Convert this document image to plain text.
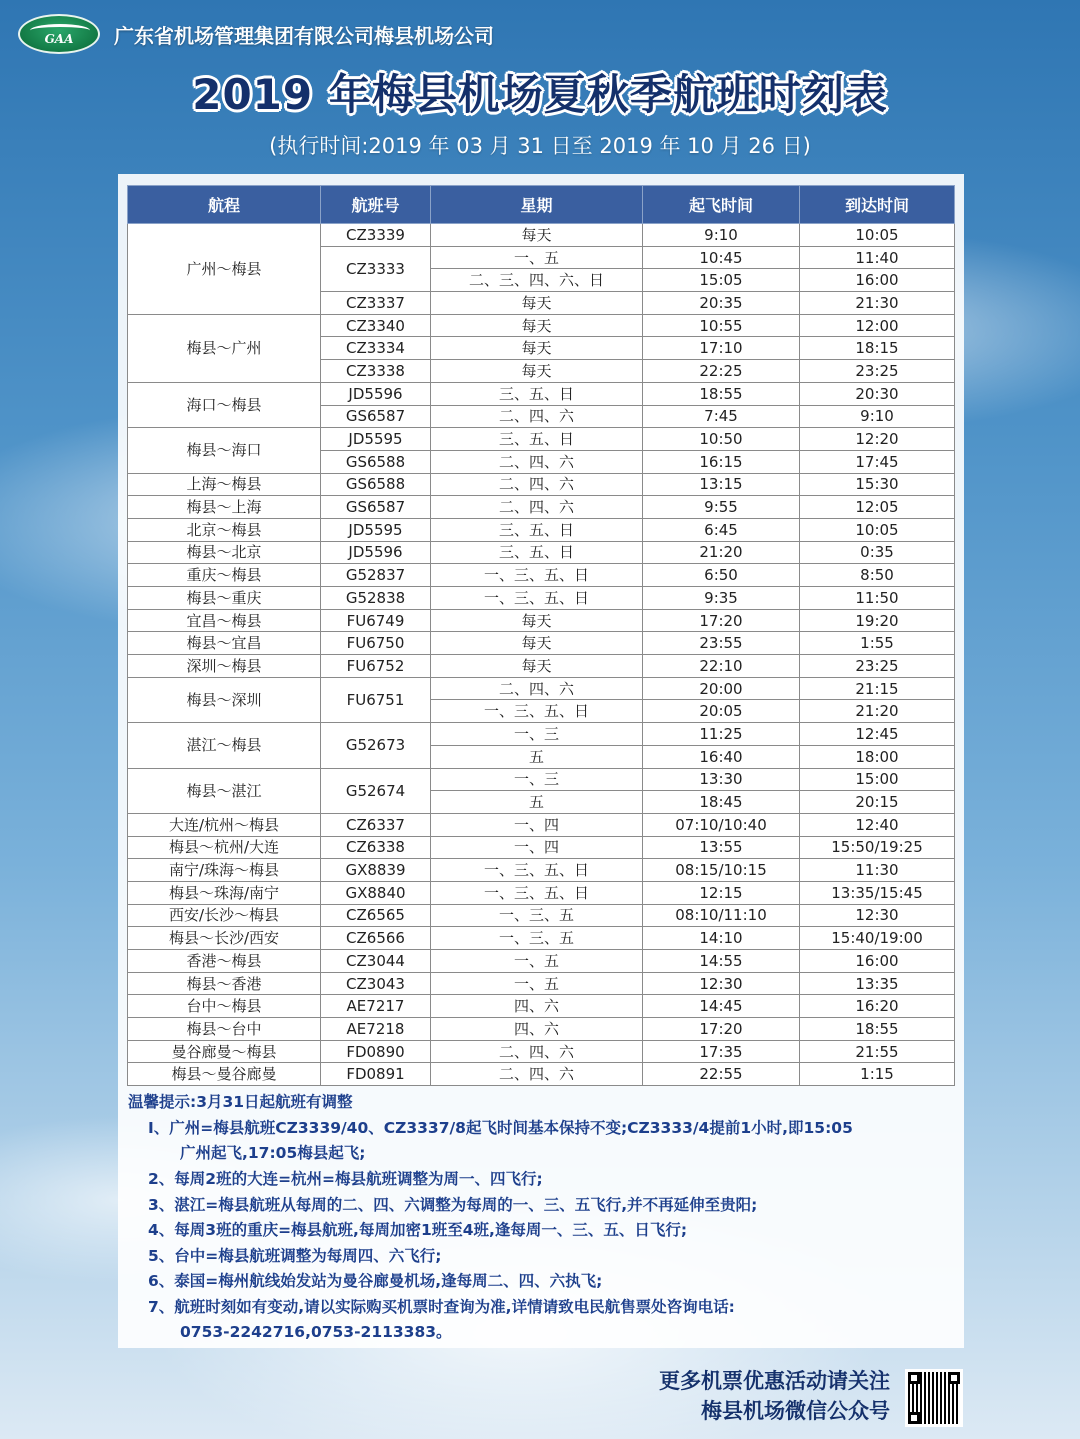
GAA 广东省机场管理集团有限公司梅县机场公司
2019 年梅县机场夏秋季航班时刻表
(执行时间:2019 年 03 月 31 日至 2019 年 10 月 26 日)
航程	航班号	星期	起飞时间	到达时间
广州～梅县	CZ3339	每天	9:10	10:05
	CZ3333	一、五	10:45	11:40
		二、三、四、六、日	15:05	16:00
	CZ3337	每天	20:35	21:30
梅县～广州	CZ3340	每天	10:55	12:00
	CZ3334	每天	17:10	18:15
	CZ3338	每天	22:25	23:25
海口～梅县	JD5596	三、五、日	18:55	20:30
	GS6587	二、四、六	7:45	9:10
梅县～海口	JD5595	三、五、日	10:50	12:20
	GS6588	二、四、六	16:15	17:45
上海～梅县	GS6588	二、四、六	13:15	15:30
梅县～上海	GS6587	二、四、六	9:55	12:05
北京～梅县	JD5595	三、五、日	6:45	10:05
梅县～北京	JD5596	三、五、日	21:20	0:35
重庆～梅县	G52837	一、三、五、日	6:50	8:50
梅县～重庆	G52838	一、三、五、日	9:35	11:50
宜昌～梅县	FU6749	每天	17:20	19:20
梅县～宜昌	FU6750	每天	23:55	1:55
深圳～梅县	FU6752	每天	22:10	23:25
梅县～深圳	FU6751	二、四、六	20:00	21:15
		一、三、五、日	20:05	21:20
湛江～梅县	G52673	一、三	11:25	12:45
		五	16:40	18:00
梅县～湛江	G52674	一、三	13:30	15:00
		五	18:45	20:15
大连/杭州～梅县	CZ6337	一、四	07:10/10:40	12:40
梅县～杭州/大连	CZ6338	一、四	13:55	15:50/19:25
南宁/珠海～梅县	GX8839	一、三、五、日	08:15/10:15	11:30
梅县～珠海/南宁	GX8840	一、三、五、日	12:15	13:35/15:45
西安/长沙～梅县	CZ6565	一、三、五	08:10/11:10	12:30
梅县～长沙/西安	CZ6566	一、三、五	14:10	15:40/19:00
香港～梅县	CZ3044	一、五	14:55	16:00
梅县～香港	CZ3043	一、五	12:30	13:35
台中～梅县	AE7217	四、六	14:45	16:20
梅县～台中	AE7218	四、六	17:20	18:55
曼谷廊曼～梅县	FD0890	二、四、六	17:35	21:55
梅县～曼谷廊曼	FD0891	二、四、六	22:55	1:15
温馨提示:3月31日起航班有调整
I、广州=梅县航班CZ3339/40、CZ3337/8起飞时间基本保持不变;CZ3333/4提前1小时,即15:05
广州起飞,17:05梅县起飞;
2、每周2班的大连=杭州=梅县航班调整为周一、四飞行;
3、湛江=梅县航班从每周的二、四、六调整为每周的一、三、五飞行,并不再延伸至贵阳;
4、每周3班的重庆=梅县航班,每周加密1班至4班,逢每周一、三、五、日飞行;
5、台中=梅县航班调整为每周四、六飞行;
6、泰国=梅州航线始发站为曼谷廊曼机场,逢每周二、四、六执飞;
7、航班时刻如有变动,请以实际购买机票时查询为准,详情请致电民航售票处咨询电话:
0753-2242716,0753-2113383。
更多机票优惠活动请关注
梅县机场微信公众号
